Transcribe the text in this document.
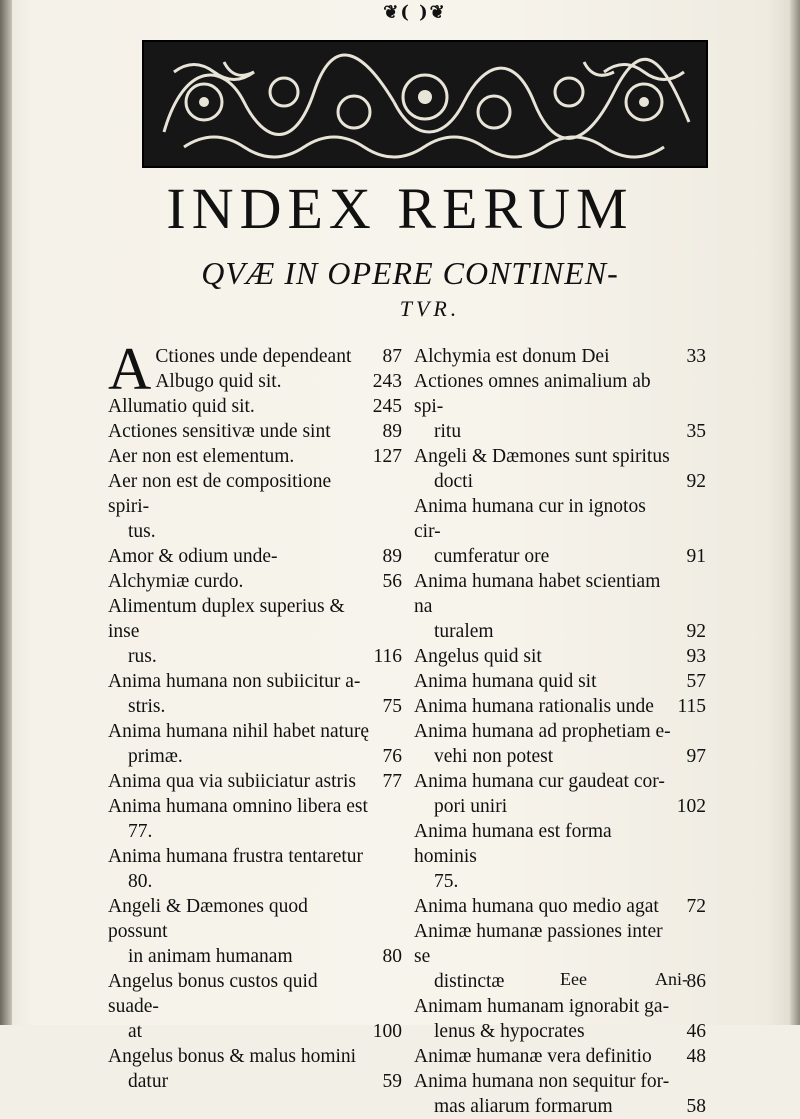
❦( )❦
INDEX RERUM
QVÆ IN OPERE CONTINEN-
TVR.
A Ctiones unde dependeant	87
Albugo quid sit.	243
Allumatio quid sit.	245
Actiones sensitivæ unde sint	89
Aer non est elementum.	127
Aer non est de compositione spiri-
tus.
Amor & odium unde-	89
Alchymiæ curdo.	56
Alimentum duplex superius & inse
rus.	116
Anima humana non subiicitur a-
stris.	75
Anima humana nihil habet naturę
primæ.	76
Anima qua via subiiciatur astris	77
Anima humana omnino libera est
77.
Anima humana frustra tentaretur
80.
Angeli & Dæmones quod possunt
in animam humanam	80
Angelus bonus custos quid suade-
at	100
Angelus bonus & malus homini
datur	59
Alchymia est donum Dei	33
Actiones omnes animalium ab spi-
ritu	35
Angeli & Dæmones sunt spiritus
docti	92
Anima humana cur in ignotos cir-
cumferatur ore	91
Anima humana habet scientiam na
turalem	92
Angelus quid sit	93
Anima humana quid sit	57
Anima humana rationalis unde	115
Anima humana ad prophetiam e-
vehi non potest	97
Anima humana cur gaudeat cor-
pori uniri	102
Anima humana est forma hominis
75.
Anima humana quo medio agat	72
Animæ humanæ passiones inter se
distinctæ	86
Animam humanam ignorabit ga-
lenus & hypocrates	46
Animæ humanæ vera definitio	48
Anima humana non sequitur for-
mas aliarum formarum	58
Eee	Ani-
